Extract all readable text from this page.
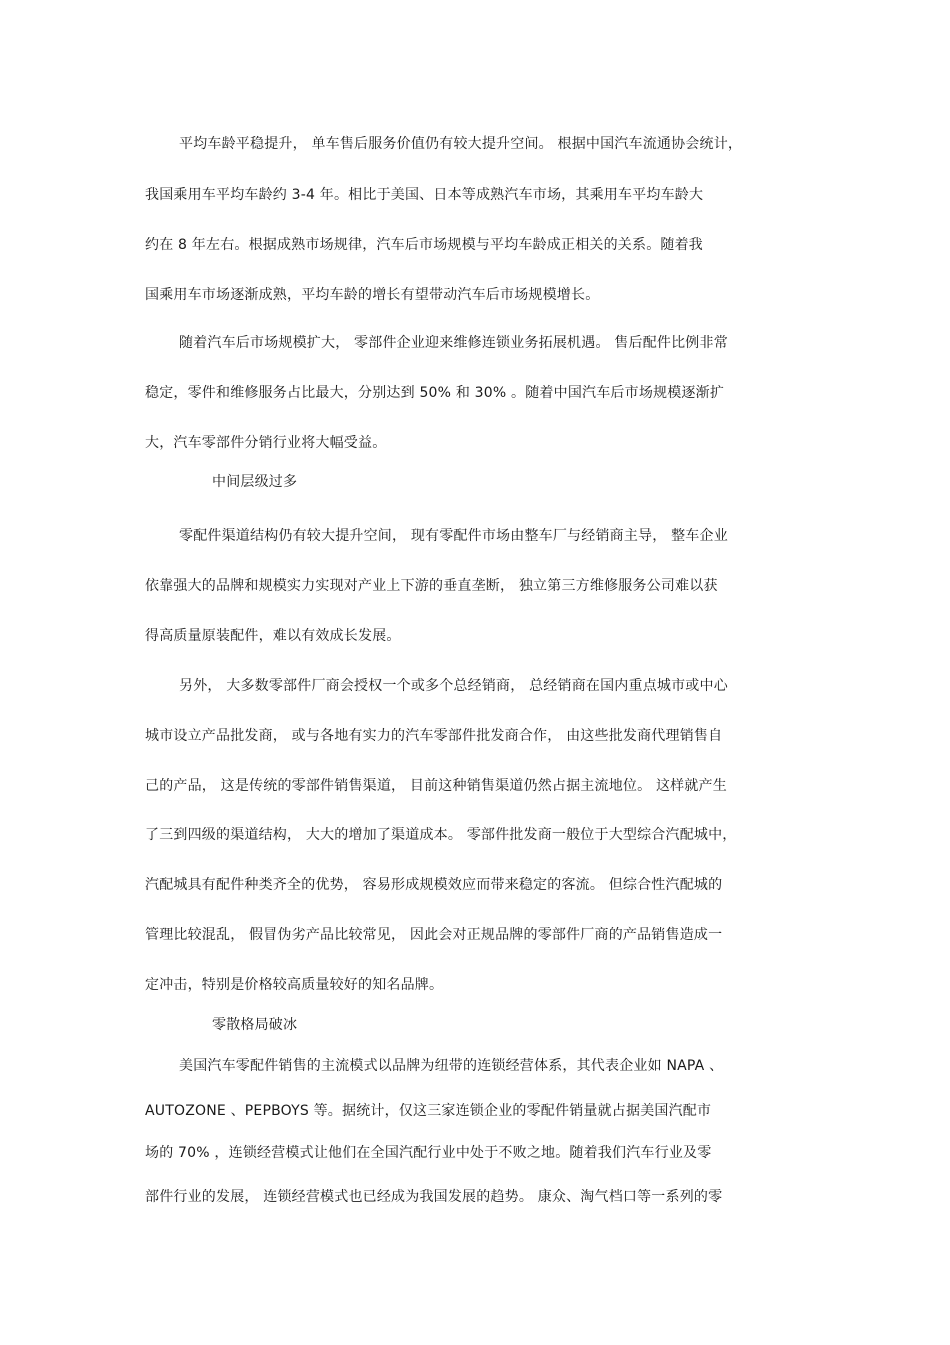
平均车龄平稳提升， 单车售后服务价值仍有较大提升空间。 根据中国汽车流通协会统计，
我国乘用车平均车龄约 3-4 年。相比于美国、日本等成熟汽车市场，其乘用车平均车龄大
约在 8 年左右。根据成熟市场规律，汽车后市场规模与平均车龄成正相关的关系。随着我
国乘用车市场逐渐成熟，平均车龄的增长有望带动汽车后市场规模增长。
随着汽车后市场规模扩大， 零部件企业迎来维修连锁业务拓展机遇。 售后配件比例非常
稳定，零件和维修服务占比最大，分别达到 50% 和 30% 。随着中国汽车后市场规模逐渐扩
大，汽车零部件分销行业将大幅受益。
中间层级过多
零配件渠道结构仍有较大提升空间， 现有零配件市场由整车厂与经销商主导， 整车企业
依靠强大的品牌和规模实力实现对产业上下游的垂直垄断， 独立第三方维修服务公司难以获
得高质量原装配件，难以有效成长发展。
另外， 大多数零部件厂商会授权一个或多个总经销商， 总经销商在国内重点城市或中心
城市设立产品批发商， 或与各地有实力的汽车零部件批发商合作， 由这些批发商代理销售自
己的产品， 这是传统的零部件销售渠道， 目前这种销售渠道仍然占据主流地位。 这样就产生
了三到四级的渠道结构， 大大的增加了渠道成本。 零部件批发商一般位于大型综合汽配城中，
汽配城具有配件种类齐全的优势， 容易形成规模效应而带来稳定的客流。 但综合性汽配城的
管理比较混乱， 假冒伪劣产品比较常见， 因此会对正规品牌的零部件厂商的产品销售造成一
定冲击，特别是价格较高质量较好的知名品牌。
零散格局破冰
美国汽车零配件销售的主流模式以品牌为纽带的连锁经营体系，其代表企业如 NAPA 、
AUTOZONE 、PEPBOYS 等。据统计，仅这三家连锁企业的零配件销量就占据美国汽配市
场的 70% ，连锁经营模式让他们在全国汽配行业中处于不败之地。随着我们汽车行业及零
部件行业的发展， 连锁经营模式也已经成为我国发展的趋势。 康众、淘气档口等一系列的零
